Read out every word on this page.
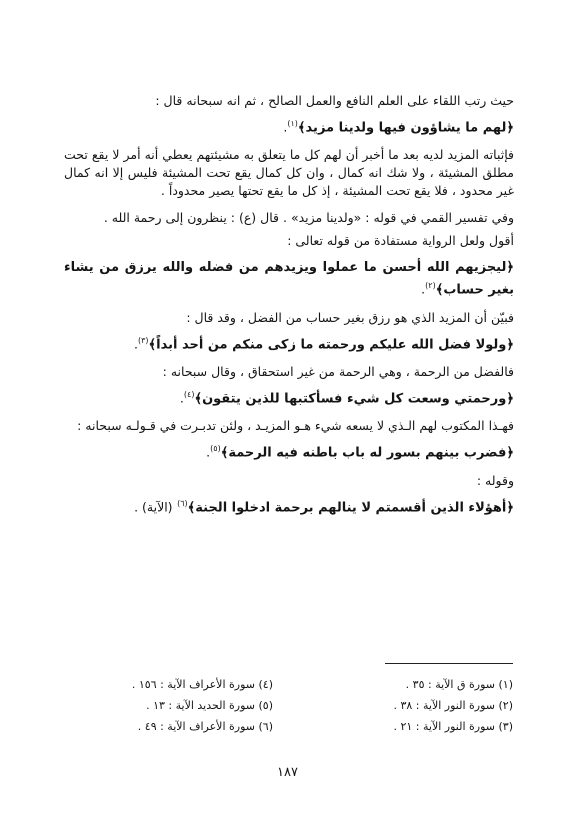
حيث رتب اللقاء على العلم النافع والعمل الصالح ، ثم انه سبحانه قال :

﴿لهم ما يشاؤون فيها ولدينا مزيد﴾$^{(١)}$.

فإثباته المزيد لديه بعد ما أخبر أن لهم كل ما يتعلق به مشيئتهم يعطي أنه أمر لا يقع تحت مطلق المشيئة ، ولا شك انه كمال ، وان كل كمال يقع تحت المشيئة فليس إلا انه كمال غير محدود ، فلا يقع تحت المشيئة ، إذ كل ما يقع تحتها يصير محدوداً .

وفي تفسير القمي في قوله : «ولدينا مزيد» . قال (ع) : ينظرون إلى رحمة الله .

أقول ولعل الرواية مستفادة من قوله تعالى :

﴿ليجزيهم الله أحسن ما عملوا ويزيدهم من فضله والله يرزق من يشاء بغير حساب﴾$^{(٢)}$.

فبيّن أن المزيد الذي هو رزق بغير حساب من الفضل ، وقد قال :

﴿ولولا فضل الله عليكم ورحمته ما زكى منكم من أحد أبداً﴾$^{(٣)}$.

فالفضل من الرحمة ، وهي الرحمة من غير استحقاق ، وقال سبحانه :

﴿ورحمتي وسعت كل شيء فسأكتبها للذين يتقون﴾$^{(٤)}$.

فهـذا المكتوب لهم الـذي لا يسعه شيء هـو المزيـد ، ولئن تدبـرت في قـولـه سبحانه :

﴿فضرب بينهم بسور له باب باطنه فيه الرحمة﴾$^{(٥)}$.

وقوله :

﴿أهؤلاء الذين أقسمتم لا ينالهم برحمة ادخلوا الجنة﴾$^{(٦)}$ (الآية) .

(١) سورة ق الآية : ٣٥ .
(٤) سورة الأعراف الآية : ١٥٦ .
(٢) سورة النور الآية : ٣٨ .
(٥) سورة الحديد الآية : ١٣ .
(٣) سورة النور الآية : ٢١ .
(٦) سورة الأعراف الآية : ٤٩ .
١٨٧
